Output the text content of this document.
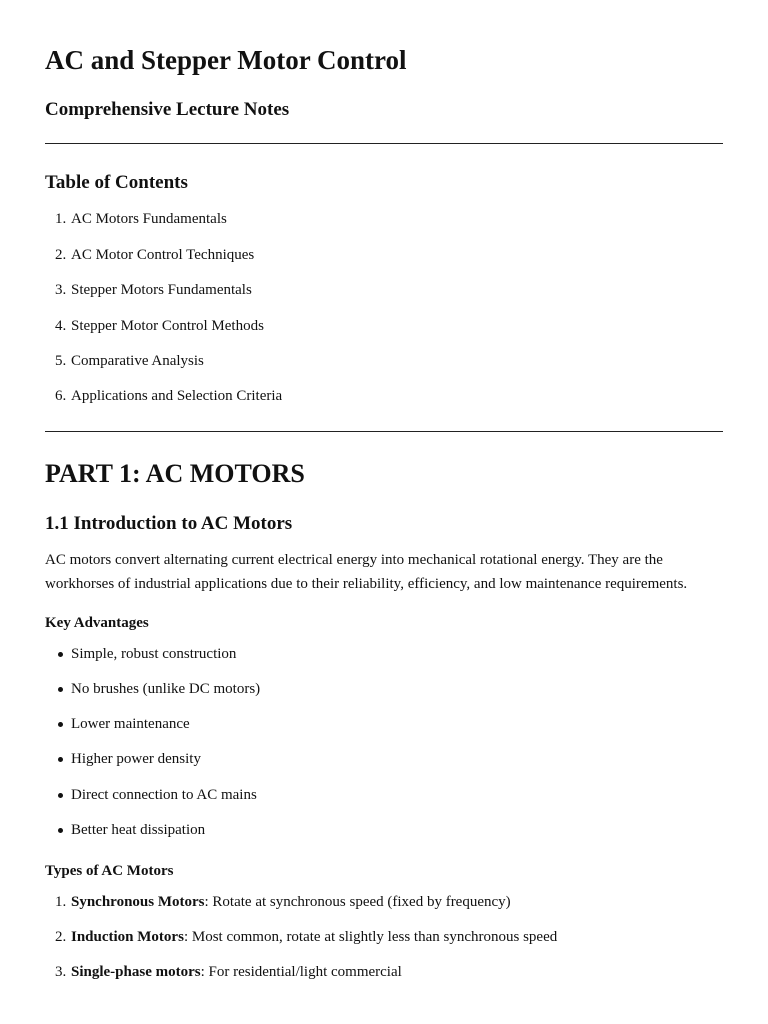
AC and Stepper Motor Control
Comprehensive Lecture Notes
Table of Contents
1. AC Motors Fundamentals
2. AC Motor Control Techniques
3. Stepper Motors Fundamentals
4. Stepper Motor Control Methods
5. Comparative Analysis
6. Applications and Selection Criteria
PART 1: AC MOTORS
1.1 Introduction to AC Motors

AC motors convert alternating current electrical energy into mechanical rotational energy. They are the workhorses of industrial applications due to their reliability, efficiency, and low maintenance requirements.

Key Advantages
Simple, robust construction
No brushes (unlike DC motors)
Lower maintenance
Higher power density
Direct connection to AC mains
Better heat dissipation
Types of AC Motors
1. Synchronous Motors: Rotate at synchronous speed (fixed by frequency)
2. Induction Motors: Most common, rotate at slightly less than synchronous speed
3. Single-phase motors: For residential/light commercial
